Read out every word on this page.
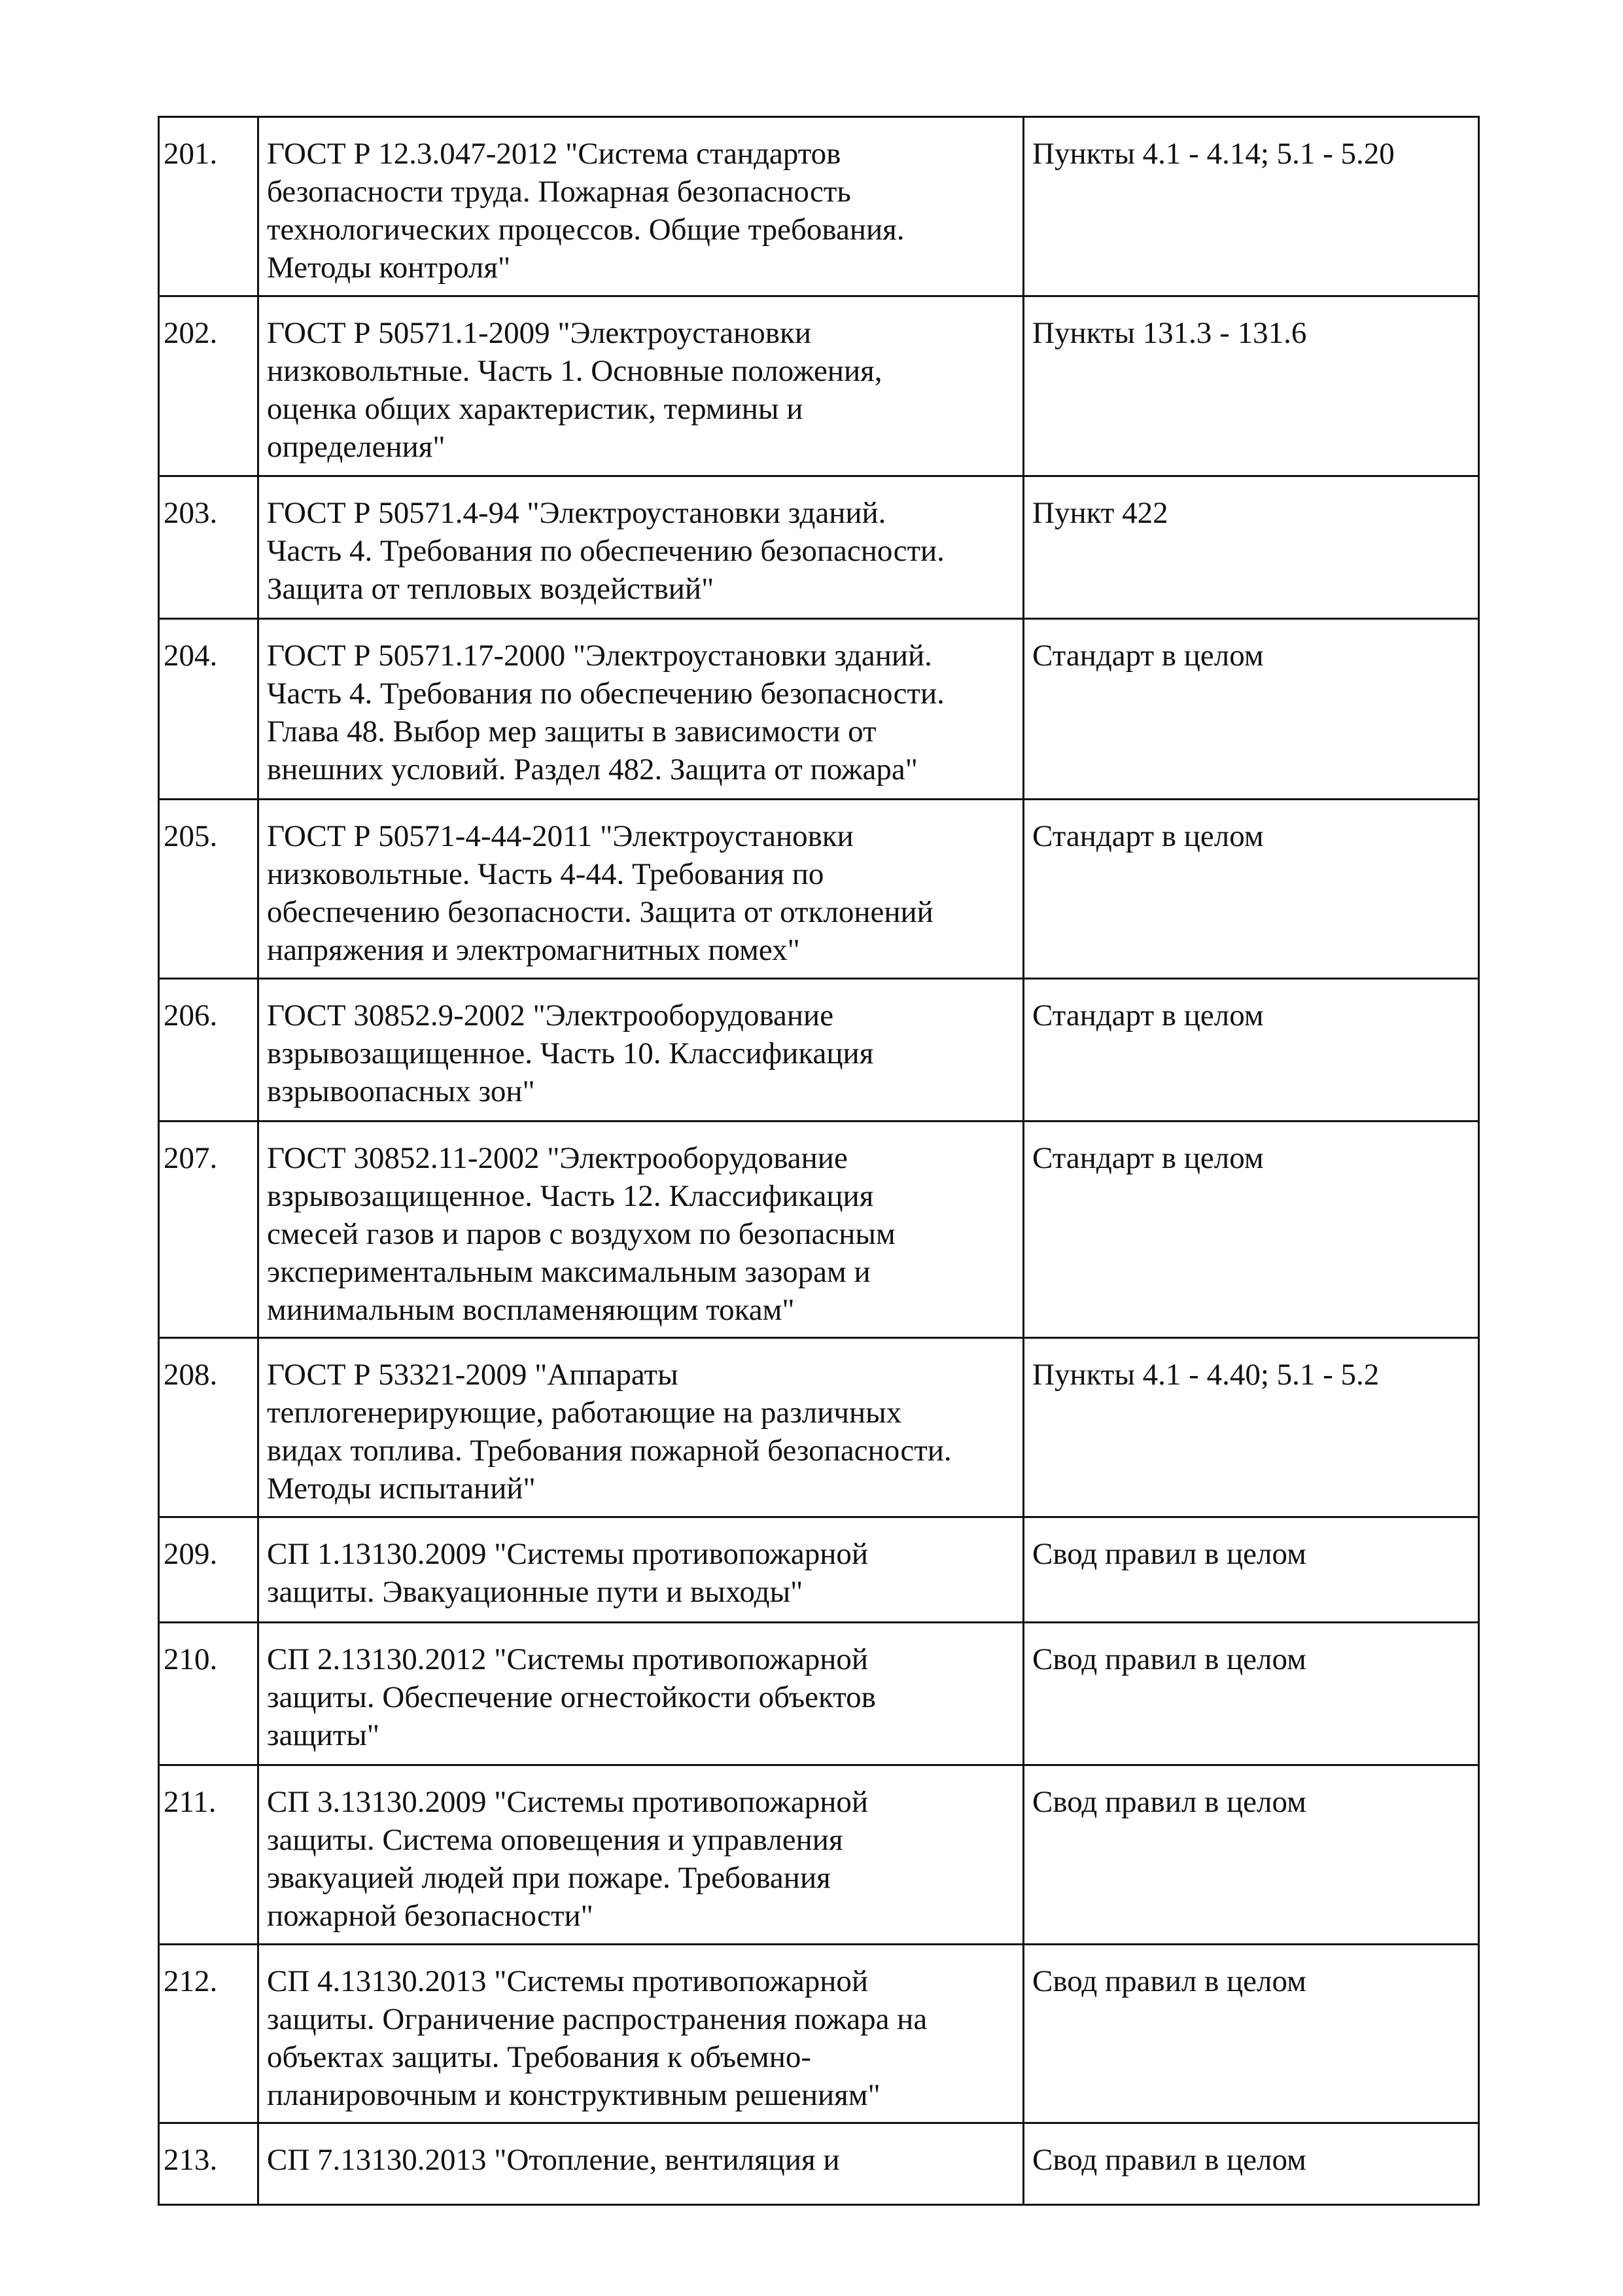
201.	ГОСТ Р 12.3.047-2012 "Система стандартов
безопасности труда. Пожарная безопасность
технологических процессов. Общие требования.
Методы контроля"	Пункты 4.1 - 4.14; 5.1 - 5.20
202.	ГОСТ Р 50571.1-2009 "Электроустановки
низковольтные. Часть 1. Основные положения,
оценка общих характеристик, термины и
определения"	Пункты 131.3 - 131.6
203.	ГОСТ Р 50571.4-94 "Электроустановки зданий.
Часть 4. Требования по обеспечению безопасности.
Защита от тепловых воздействий"	Пункт 422
204.	ГОСТ Р 50571.17-2000 "Электроустановки зданий.
Часть 4. Требования по обеспечению безопасности.
Глава 48. Выбор мер защиты в зависимости от
внешних условий. Раздел 482. Защита от пожара"	Стандарт в целом
205.	ГОСТ Р 50571-4-44-2011 "Электроустановки
низковольтные. Часть 4-44. Требования по
обеспечению безопасности. Защита от отклонений
напряжения и электромагнитных помех"	Стандарт в целом
206.	ГОСТ 30852.9-2002 "Электрооборудование
взрывозащищенное. Часть 10. Классификация
взрывоопасных зон"	Стандарт в целом
207.	ГОСТ 30852.11-2002 "Электрооборудование
взрывозащищенное. Часть 12. Классификация
смесей газов и паров с воздухом по безопасным
экспериментальным максимальным зазорам и
минимальным воспламеняющим токам"	Стандарт в целом
208.	ГОСТ Р 53321-2009 "Аппараты
теплогенерирующие, работающие на различных
видах топлива. Требования пожарной безопасности.
Методы испытаний"	Пункты 4.1 - 4.40; 5.1 - 5.2
209.	СП 1.13130.2009 "Системы противопожарной
защиты. Эвакуационные пути и выходы"	Свод правил в целом
210.	СП 2.13130.2012 "Системы противопожарной
защиты. Обеспечение огнестойкости объектов
защиты"	Свод правил в целом
211.	СП 3.13130.2009 "Системы противопожарной
защиты. Система оповещения и управления
эвакуацией людей при пожаре. Требования
пожарной безопасности"	Свод правил в целом
212.	СП 4.13130.2013 "Системы противопожарной
защиты. Ограничение распространения пожара на
объектах защиты. Требования к объемно-
планировочным и конструктивным решениям"	Свод правил в целом
213.	СП 7.13130.2013 "Отопление, вентиляция и	Свод правил в целом
